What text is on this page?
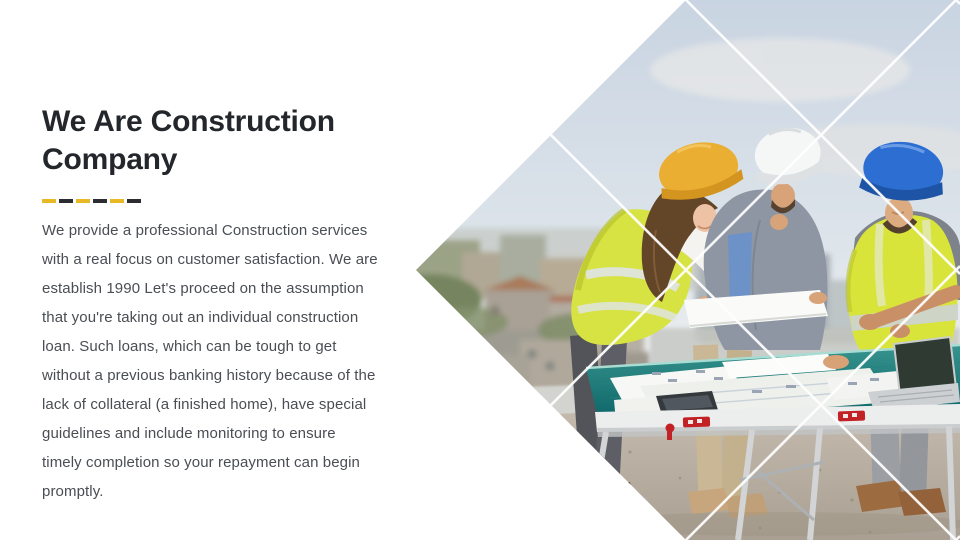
We Are Construction Company

We provide a professional Construction services with a real focus on customer satisfaction. We are establish 1990 Let's proceed on the assumption that you're taking out an individual construction loan. Such loans, which can be tough to get without a previous banking history because of the lack of collateral (a finished home), have special guidelines and include monitoring to ensure timely completion so your repayment can begin promptly.
